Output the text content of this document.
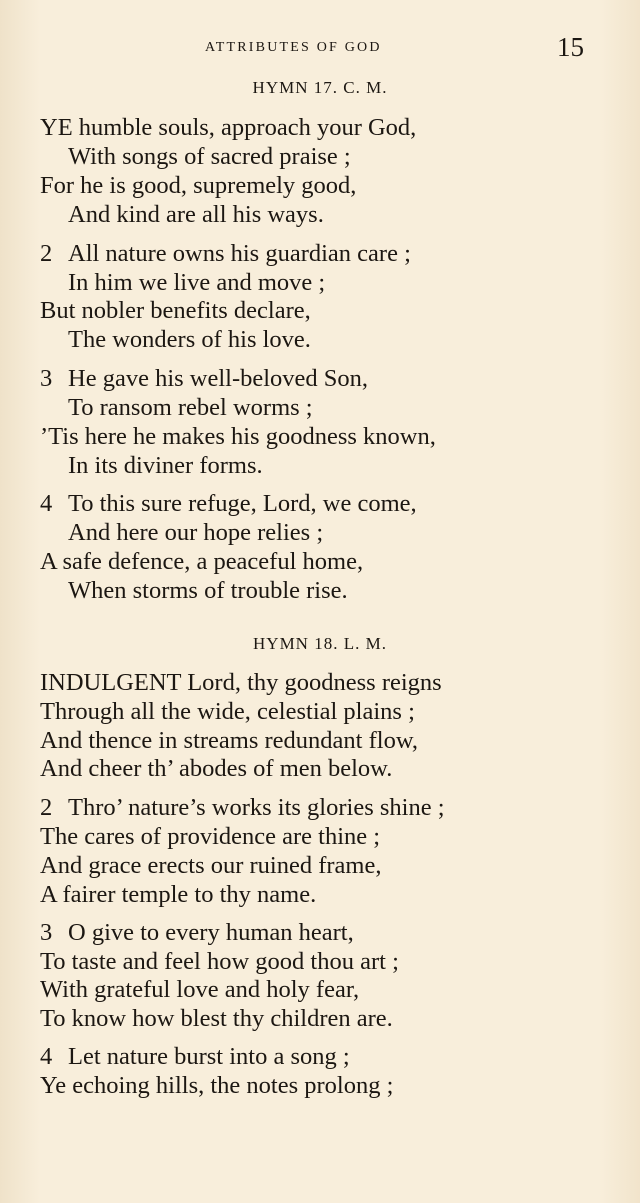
ATTRIBUTES OF GOD	15
HYMN 17. C. M.
YE humble souls, approach your God,
With songs of sacred praise ;
For he is good, supremely good,
And kind are all his ways.
2 All nature owns his guardian care ;
In him we live and move ;
But nobler benefits declare,
The wonders of his love.
3 He gave his well-beloved Son,
To ransom rebel worms ;
’Tis here he makes his goodness known,
In its diviner forms.
4 To this sure refuge, Lord, we come,
And here our hope relies ;
A safe defence, a peaceful home,
When storms of trouble rise.
HYMN 18. L. M.
INDULGENT Lord, thy goodness reigns
Through all the wide, celestial plains ;
And thence in streams redundant flow,
And cheer th’ abodes of men below.
2 Thro’ nature’s works its glories shine ;
The cares of providence are thine ;
And grace erects our ruined frame,
A fairer temple to thy name.
3 O give to every human heart,
To taste and feel how good thou art ;
With grateful love and holy fear,
To know how blest thy children are.
4 Let nature burst into a song ;
Ye echoing hills, the notes prolong ;
